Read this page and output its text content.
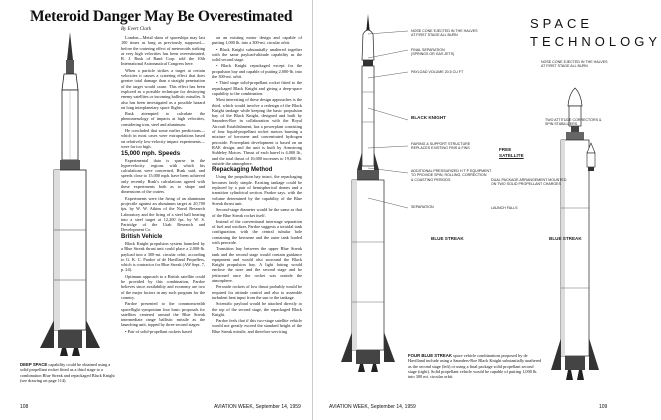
Meteroid Danger May Be Overestimated
By Evert Clark

London—Metal skins of spaceships may last 100 times as long as previously supposed—before the cratering effect of meteoroids striking at very high velocities has been overestimated, R. J. Rusk of Rand Corp. told the 10th International Astronautical Congress here.

When a particle strikes a target at certain velocities it causes a cratering effect that does greater total damage than a straight penetration of the target would cause. This effect has been explored as a possible technique for destroying enemy satellites or incoming ballistic missiles. It also has been investigated as a possible hazard on long interplanetary space flights.

Rusk attempted to calculate the phenomenology of impacts at high velocities, considering iron, steel and aluminum.

He concluded that some earlier predictions—which in most cases were extrapolations based on relatively low-velocity impact experiments—were far too high.

15,000 mph. Speeds

Experimental data is sparse in the hypervelocity regions with which his calculations were concerned, Rusk said, and speeds close to 15,000 mph. have been achieved only recently. Rusk's calculations agreed with these experiments both as to shape and dimensions of the craters.

Experiments were the firing of an aluminum projectile against an aluminum target at 20,700 fps. by W. W. Atkins of the Naval Research Laboratory and the firing of a steel ball bearing into a steel target at 12,200 fps. by W. S. Partridge of the Utah Research and Development Co.

British Vehicle

Black Knight propulsion system launched by a Blue Streak thrust unit could place a 2,000-lb. payload into a 300-mi. circular orbit, according to G. K. C. Pardoe of de Havilland Propellers, which is contractor for Blue Streak (AW Sept. 7, p. 24).

Optimum approach to a British satellite could be provided by this combination, Pardoe believes since availability and economy are two of the major factors in any such program for the country.

Pardoe presented to the commonwealth spaceflight symposium four basic proposals for satellites centered around the Blue Streak intermediate range ballistic missile as the launching unit, topped by three second stages:

• Pair of solid-propellant rockets based

on an existing motor design and capable of putting 1,000 lb. into a 300-mi. circular orbit.

• Black Knight substantially unaltered together with the same payload-altitude capability as the solid second stage.

• Black Knight repackaged except for the propulsion bay and capable of putting 2,000-lb. into the 300-mi. orbit.

• Third stage solid-propellant rocket fitted to the repackaged Black Knight and giving a deep-space capability to the combination.

Most interesting of these design approaches is the third, which would involve a redesign of the Black Knight tankage while keeping the basic propulsion bay of the Black Knight, designed and built by Saunders-Roe in collaboration with the Royal Aircraft Establishment, has a powerplant consisting of four liquid-propellant rocket motors burning a mixture of kerosene and concentrated hydrogen peroxide. Powerplant development is based on an RAE design, and the unit is built by Armstrong Siddeley Motors. Thrust of each barrel is 4,000 lb., and the total thrust of 16,000 increases to 19,000 lb. outside the atmosphere.

Repackaging Method

Using the propulsion bay intact, the repackaging becomes fairly simple. Existing tankage could be replaced by a pair of hemispherical domes and a transition cylindrical section. Pardoe says, with the volume determined by the capability of the Blue Streak thrust unit.

Second-stage diameter would be the same as that of the Blue Streak rocket itself.

Instead of the conventional interstage separation of fuel and oxidizer, Pardoe suggests a toroidal tank configuration, with the central tubular hole containing the kerosene and the outer tank loaded with peroxide.

Transition bay between the upper Blue Streak tank and the second stage would contain guidance equipment and would also surround the Black Knight propulsion bay. A light fairing would enclose the nose and the second stage and be jettisoned once the rocket was outside the atmosphere.

Peroxide rockets of low thrust probably would be required for attitude control and also to assemble turbulent heat input from the sun to the tankage.

Scientific payload would be attached directly to the top of the second stage, the repackaged Black Knight.

Pardoe feels that if this two-stage satellite vehicle would not greatly exceed the standard height of the Blue Streak missile, and therefore servicing

DEEP SPACE capability could be obtained using a solid propellant rocket fitted as a third stage to a combination Blue Streak and repackaged Black Knight (see drawing on page 114).
108	AVIATION WEEK, September 14, 1959
SPACE
TECHNOLOGY
NOSE CONE EJECTED IN THE HALVES
AT FIRST STAGE ALL BURN
FINAL SEPARATION
(SPRINGS OR GAS JETS)
PAYLOAD VOLUME 20.5 CU FT
BLACK KNIGHT
FAIRING & SUPPORT STRUCTURE
REPLACES EXISTING FINS & FINS
ADDITIONAL PRESSURIZED H T P EQUIPMENT
TO PROVIDE SPIN, ROLLING, CORRECTION
& COASTING PERIODS
SEPARATION
BLUE STREAK
NOSE CONE EJECTED IN THE HALVES
AT FIRST STAGE ALL BURN
TWO ATTITUDE CORRECTORS &
SPIN STABILIZERS
FREE
SATELLITE
DUAL PACKAGE ARRANGEMENT MOUNTED
ON TWO SOLID PROPELLANT CHARGES
LAUNCH FALLS
BLUE STREAK
FOUR BLUE STREAK space vehicle combinations proposed by de Havilland include using a Saunders-Roe Black Knight substantially unaltered as the second stage (left) or using a final package solid propellant second stage (right). Solid propellant vehicle would be capable of putting 1,000 lb. into 300 mi. circular orbit.
AVIATION WEEK, September 14, 1959	109
